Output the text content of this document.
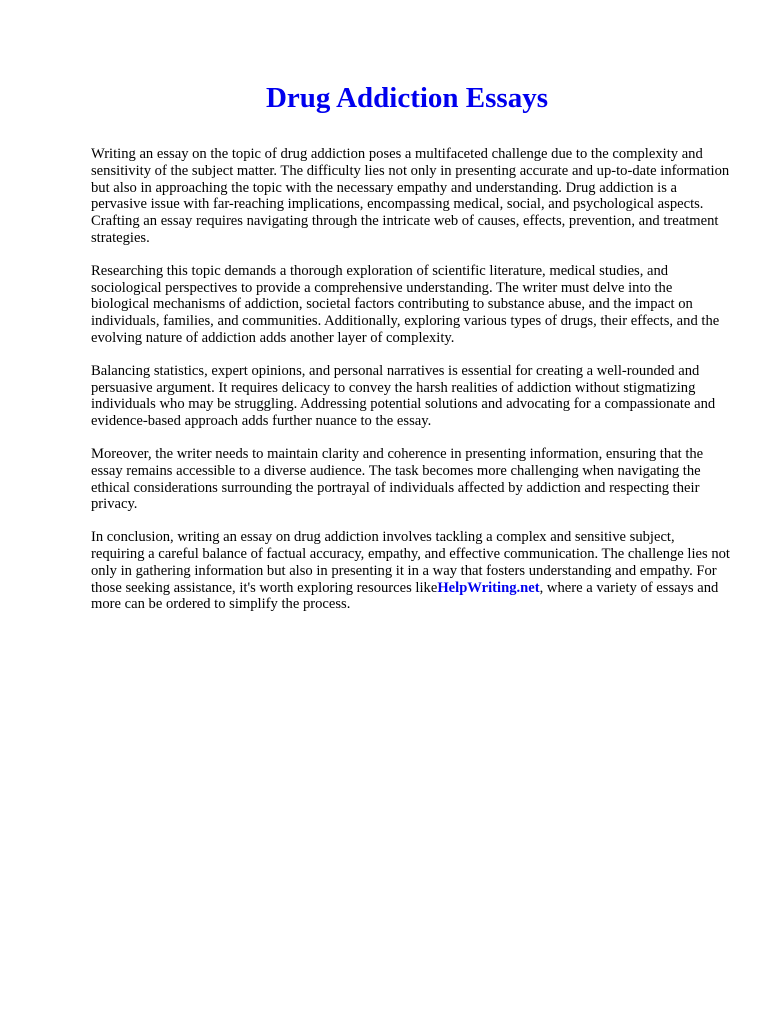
Drug Addiction Essays

Writing an essay on the topic of drug addiction poses a multifaceted challenge due to the complexity and sensitivity of the subject matter. The difficulty lies not only in presenting accurate and up-to-date information but also in approaching the topic with the necessary empathy and understanding. Drug addiction is a pervasive issue with far-reaching implications, encompassing medical, social, and psychological aspects. Crafting an essay requires navigating through the intricate web of causes, effects, prevention, and treatment strategies.

Researching this topic demands a thorough exploration of scientific literature, medical studies, and sociological perspectives to provide a comprehensive understanding. The writer must delve into the biological mechanisms of addiction, societal factors contributing to substance abuse, and the impact on individuals, families, and communities. Additionally, exploring various types of drugs, their effects, and the evolving nature of addiction adds another layer of complexity.

Balancing statistics, expert opinions, and personal narratives is essential for creating a well-rounded and persuasive argument. It requires delicacy to convey the harsh realities of addiction without stigmatizing individuals who may be struggling. Addressing potential solutions and advocating for a compassionate and evidence-based approach adds further nuance to the essay.

Moreover, the writer needs to maintain clarity and coherence in presenting information, ensuring that the essay remains accessible to a diverse audience. The task becomes more challenging when navigating the ethical considerations surrounding the portrayal of individuals affected by addiction and respecting their privacy.

In conclusion, writing an essay on drug addiction involves tackling a complex and sensitive subject, requiring a careful balance of factual accuracy, empathy, and effective communication. The challenge lies not only in gathering information but also in presenting it in a way that fosters understanding and empathy. For those seeking assistance, it's worth exploring resources likeHelpWriting.net, where a variety of essays and more can be ordered to simplify the process.
